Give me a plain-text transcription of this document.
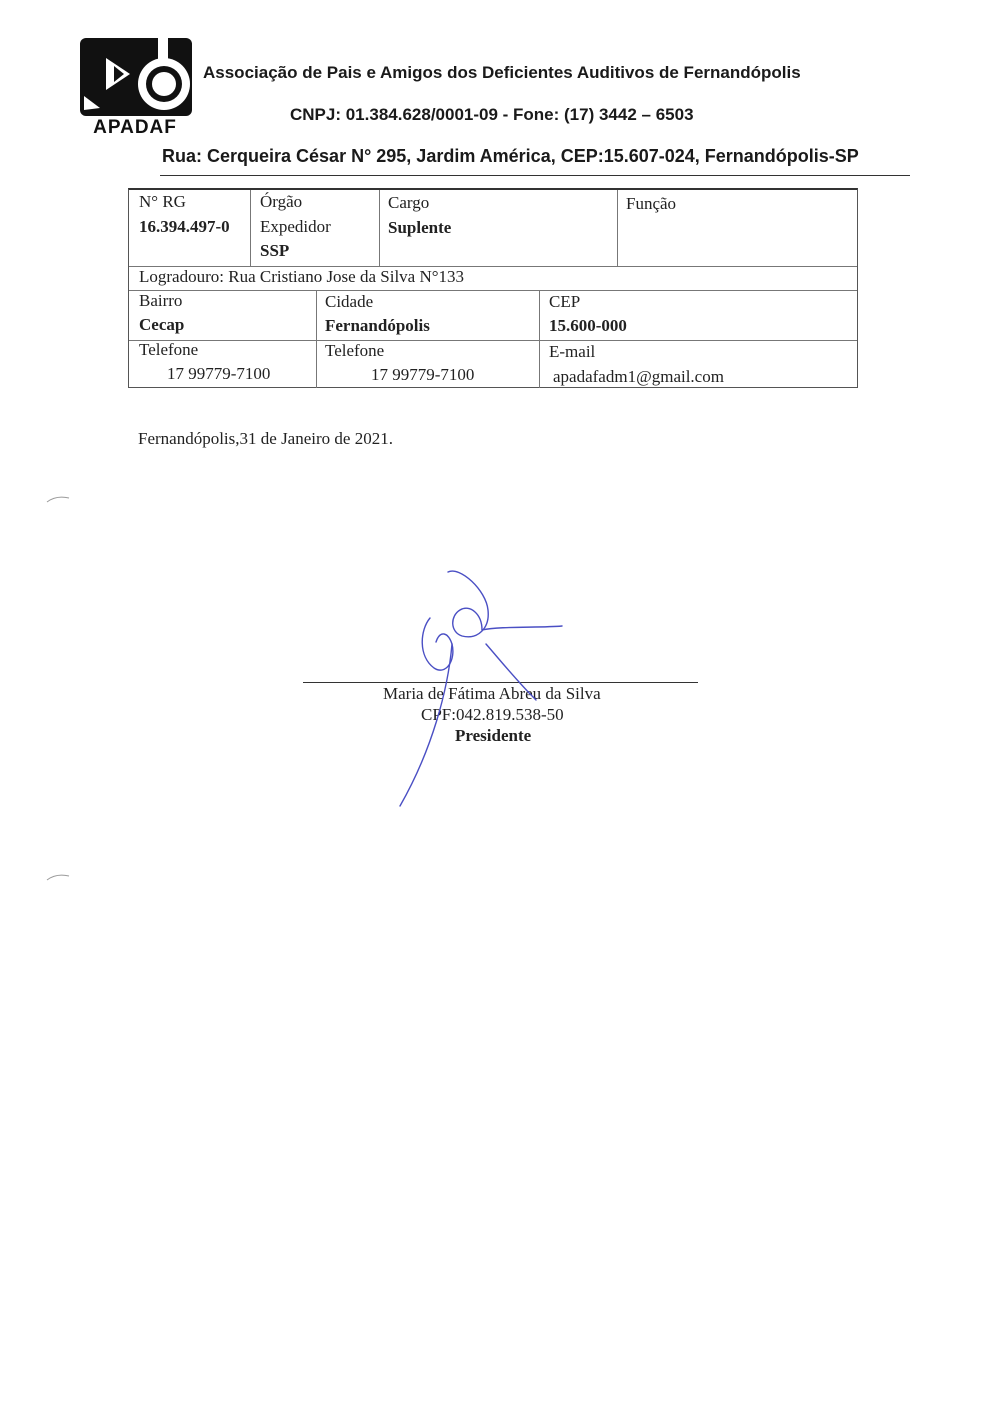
APADAF
Associação de Pais e Amigos dos Deficientes Auditivos de Fernandópolis
CNPJ: 01.384.628/0001-09 - Fone: (17) 3442 – 6503
Rua: Cerqueira César N° 295, Jardim América, CEP:15.607-024, Fernandópolis-SP
N° RG
16.394.497-0
Órgão
Expedidor
SSP
Cargo
Suplente
Função
Logradouro: Rua Cristiano Jose da Silva N°133
Bairro
Cecap
Cidade
Fernandópolis
CEP
15.600-000
Telefone
17 99779-7100
Telefone
17 99779-7100
E-mail
apadafadm1@gmail.com
Fernandópolis,31 de Janeiro de 2021.
Maria de Fátima Abreu da Silva
CPF:042.819.538-50
Presidente
